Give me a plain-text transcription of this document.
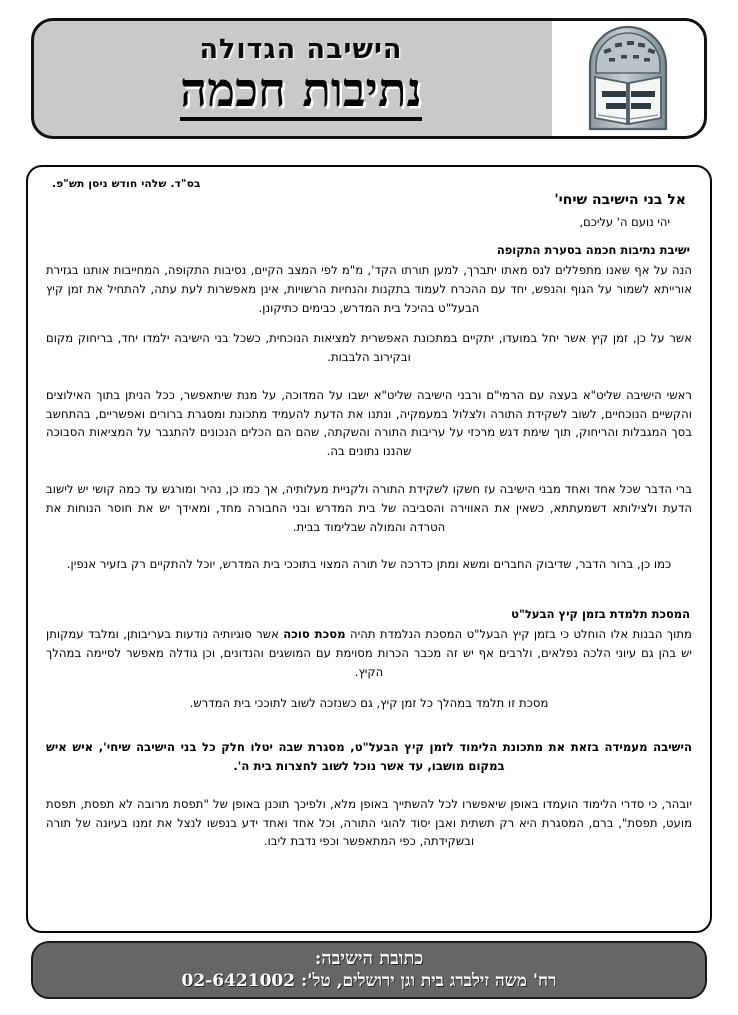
הישיבה הגדולה
נתיבות חכמה
בס"ד. שלהי חודש ניסן תש"פ.
אל בני הישיבה שיחי'
יהי נועם ה' עליכם,
ישיבת נתיבות חכמה בסערת התקופה

הנה על אף שאנו מתפללים לנס מאתו יתברך, למען תורתו הקד', מ"מ לפי המצב הקיים, נסיבות התקופה, המחייבות אותנו בגזירת אורייתא לשמור על הגוף והנפש, יחד עם ההכרח לעמוד בתקנות והנחיות הרשויות, אינן מאפשרות לעת עתה, להתחיל את זמן קיץ הבעל"ט בהיכל בית המדרש, כבימים כתיקונן.

אשר על כן, זמן קיץ אשר יחל במועדו, יתקיים במתכונת האפשרית למציאות הנוכחית, כשכל בני הישיבה ילמדו יחד, בריחוק מקום ובקירוב הלבבות.

ראשי הישיבה שליט"א בעצה עם הרמי"ם ורבני הישיבה שליט"א ישבו על המדוכה, על מנת שיתאפשר, ככל הניתן בתוך האילוצים והקשיים הנוכחיים, לשוב לשקידת התורה ולצלול במעמקיה, ונתנו את הדעת להעמיד מתכונת ומסגרת ברורים ואפשריים, בהתחשב בסך המגבלות והריחוק, תוך שימת דגש מרכזי על עריבות התורה והשקתה, שהם הם הכלים הנכונים להתגבר על המציאות הסבוכה שהננו נתונים בה.

ברי הדבר שכל אחד ואחד מבני הישיבה עז חשקו לשקידת התורה ולקניית מעלותיה, אך כמו כן, נהיר ומורגש עד כמה קושי יש לישוב הדעת ולצילותא דשמעתתא, כשאין את האווירה והסביבה של בית המדרש ובני החבורה מחד, ומאידך יש את חוסר הנוחות את הטרדה והמולה שבלימוד בבית.

כמו כן, ברור הדבר, שדיבוק החברים ומשא ומתן כדרכה של תורה המצוי בתוככי בית המדרש, יוכל להתקיים רק בזעיר אנפין.

המסכת תלמדת בזמן קיץ הבעל"ט

מתוך הבנות אלו הוחלט כי בזמן קיץ הבעל"ט המסכת הנלמדת תהיה מסכת סוכה אשר סוגיותיה נודעות בעריבותן, ומלבד עמקותן יש בהן גם עיוני הלכה נפלאים, ולרבים אף יש זה מכבר הכרות מסוימת עם המושגים והנדונים, וכן גודלה מאפשר לסיימה במהלך הקיץ.

מסכת זו תלמד במהלך כל זמן קיץ, גם כשנזכה לשוב לתוככי בית המדרש.

הישיבה מעמידה בזאת את מתכונת הלימוד לזמן קיץ הבעל"ט, מסגרת שבה יטלו חלק כל בני הישיבה שיחי', איש איש במקום מושבו, עד אשר נוכל לשוב לחצרות בית ה'.

יובהר, כי סדרי הלימוד הועמדו באופן שיאפשרו לכל להשתייך באופן מלא, ולפיכך תוכנן באופן של "תפסת מרובה לא תפסת, תפסת מועט, תפסת", ברם, המסגרת היא רק תשתית ואבן יסוד להוגי התורה, וכל אחד ואחד ידע בנפשו לנצל את זמנו בעיונה של תורה ובשקידתה, כפי המתאפשר וכפי נדבת ליבו.

כתובת הישיבה:
רח' משה זילברג בית וגן ירושלים, טל': 02-6421002
